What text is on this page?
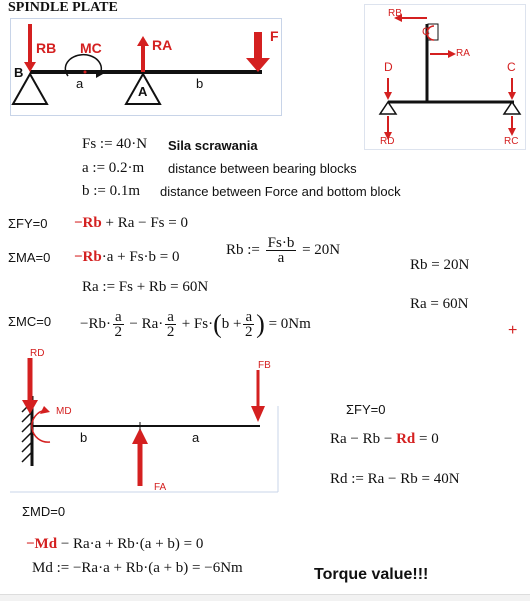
SPINDLE PLATE
RB MC	RA
F
B
A
a	b
RB
C
RA
D	C
RD	RC
Fs := 40·N Sila scrawania
a := 0.2·m distance between bearing blocks
b := 0.1m distance between Force and bottom block
ΣFY=0 −Rb + Ra − Fs = 0
ΣMA=0 −Rb·a + Fs·b = 0	Rb := $\frac{Fs\cdot b}{a} = 20N$
Ra := Fs + Rb = 60N
Rb = 20N
Ra = 60N
$\Sigma MC=0 -Rb\cdot \frac{a}{2} - Ra\cdot \frac{a}{2} + Fs\cdot(b + \frac{a}{2}$ ) = 0Nm	+
RD
MD
FB
FA
b	a
ΣFY=0
Ra − Rb − Rd = 0
Rd := Ra − Rb = 40N
ΣMD=0
−Md − Ra·a + Rb·(a + b) = 0
Md := −Ra·a + Rb·(a + b) = −6Nm	Torque value!!!
